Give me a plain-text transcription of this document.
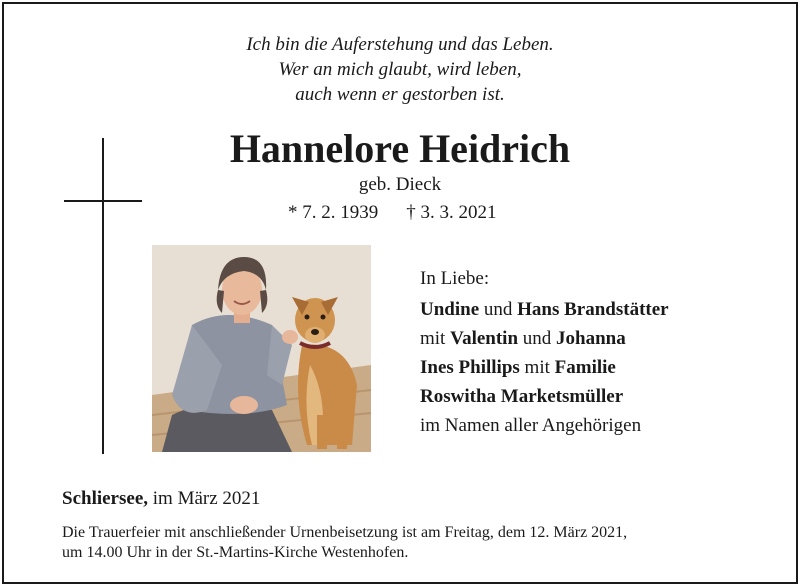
Ich bin die Auferstehung und das Leben.
Wer an mich glaubt, wird leben,
auch wenn er gestorben ist.
Hannelore Heidrich
geb. Dieck
* 7. 2. 1939 † 3. 3. 2021
In Liebe:
Undine und Hans Brandstätter
mit Valentin und Johanna
Ines Phillips mit Familie
Roswitha Marketsmüller
im Namen aller Angehörigen
Schliersee, im März 2021
Die Trauerfeier mit anschließender Urnenbeisetzung ist am Freitag, dem 12. März 2021,
um 14.00 Uhr in der St.-Martins-Kirche Westenhofen.
